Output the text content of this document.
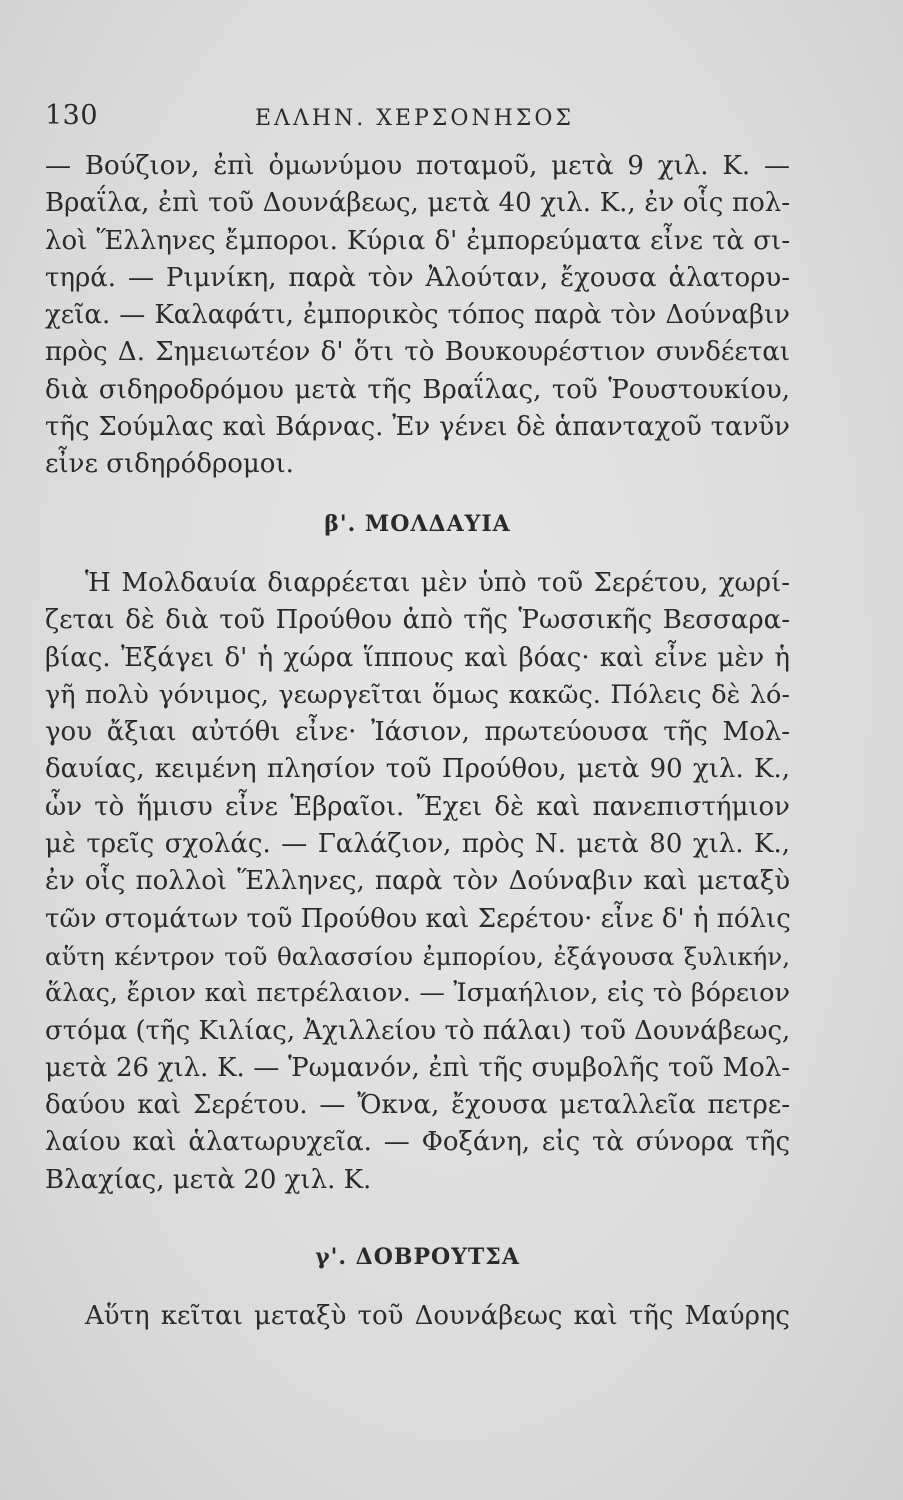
130	ΕΛΛΗΝ. ΧΕΡΣΟΝΗΣΟΣ
— Βούζιον, ἐπὶ ὁμωνύμου ποταμοῦ, μετὰ 9 χιλ. Κ. —
Βραΐλα, ἐπὶ τοῦ Δουνάβεως, μετὰ 40 χιλ. Κ., ἐν οἷς πολ-
λοὶ Ἕλληνες ἔμποροι. Κύρια δ' ἐμπορεύματα εἶνε τὰ σι-
τηρά. — Ριμνίκη, παρὰ τὸν Ἀλούταν, ἔχουσα ἁλατορυ-
χεῖα. — Καλαφάτι, ἐμπορικὸς τόπος παρὰ τὸν Δούναβιν
πρὸς Δ. Σημειωτέον δ' ὅτι τὸ Βουκουρέστιον συνδέεται
διὰ σιδηροδρόμου μετὰ τῆς Βραΐλας, τοῦ Ῥουστουκίου,
τῆς Σούμλας καὶ Βάρνας. Ἐν γένει δὲ ἁπανταχοῦ τανῦν
εἶνε σιδηρόδρομοι.
β'. ΜΟΛΔΑΥΙΑ
Ἡ Μολδαυία διαρρέεται μὲν ὑπὸ τοῦ Σερέτου, χωρί-
ζεται δὲ διὰ τοῦ Προύθου ἀπὸ τῆς Ῥωσσικῆς Βεσσαρα-
βίας. Ἐξάγει δ' ἡ χώρα ἵππους καὶ βόας· καὶ εἶνε μὲν ἡ
γῆ πολὺ γόνιμος, γεωργεῖται ὅμως κακῶς. Πόλεις δὲ λό-
γου ἄξιαι αὐτόθι εἶνε· Ἰάσιον, πρωτεύουσα τῆς Μολ-
δαυίας, κειμένη πλησίον τοῦ Προύθου, μετὰ 90 χιλ. Κ.,
ὧν τὸ ἥμισυ εἶνε Ἑβραῖοι. Ἔχει δὲ καὶ πανεπιστήμιον
μὲ τρεῖς σχολάς. — Γαλάζιον, πρὸς Ν. μετὰ 80 χιλ. Κ.,
ἐν οἷς πολλοὶ Ἕλληνες, παρὰ τὸν Δούναβιν καὶ μεταξὺ
τῶν στομάτων τοῦ Προύθου καὶ Σερέτου· εἶνε δ' ἡ πόλις
αὕτη κέντρον τοῦ θαλασσίου ἐμπορίου, ἐξάγουσα ξυλικήν,
ἅλας, ἔριον καὶ πετρέλαιον. — Ἰσμαήλιον, εἰς τὸ βόρειον
στόμα (τῆς Κιλίας, Ἀχιλλείου τὸ πάλαι) τοῦ Δουνάβεως,
μετὰ 26 χιλ. Κ. — Ῥωμανόν, ἐπὶ τῆς συμβολῆς τοῦ Μολ-
δαύου καὶ Σερέτου. — Ὄκνα, ἔχουσα μεταλλεῖα πετρε-
λαίου καὶ ἁλατωρυχεῖα. — Φοξάνη, εἰς τὰ σύνορα τῆς
Βλαχίας, μετὰ 20 χιλ. Κ.
γ'. ΔΟΒΡΟΥΤΣΑ
Αὕτη κεῖται μεταξὺ τοῦ Δουνάβεως καὶ τῆς Μαύρης
